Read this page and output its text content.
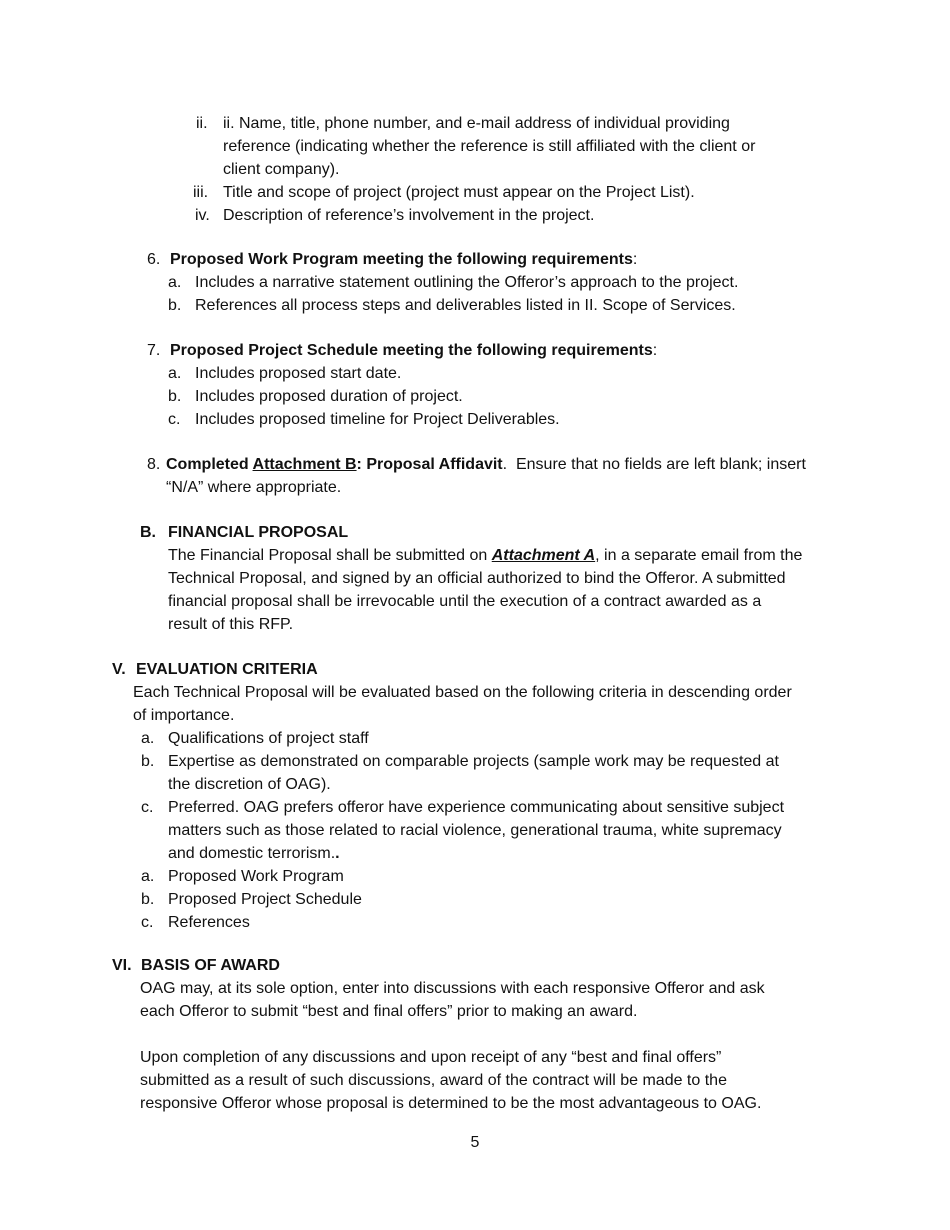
ii. ii. Name, title, phone number, and e-mail address of individual providing
reference (indicating whether the reference is still affiliated with the client or
client company).
iii. Title and scope of project (project must appear on the Project List).
iv. Description of reference’s involvement in the project.
6. Proposed Work Program meeting the following requirements:
a. Includes a narrative statement outlining the Offeror’s approach to the project.
b. References all process steps and deliverables listed in II. Scope of Services.
7. Proposed Project Schedule meeting the following requirements:
a. Includes proposed start date.
b. Includes proposed duration of project.
c. Includes proposed timeline for Project Deliverables.
8. Completed Attachment B: Proposal Affidavit.  Ensure that no fields are left blank; insert
“N/A” where appropriate.
B. FINANCIAL PROPOSAL
The Financial Proposal shall be submitted on Attachment A, in a separate email from the
Technical Proposal, and signed by an official authorized to bind the Offeror. A submitted
financial proposal shall be irrevocable until the execution of a contract awarded as a
result of this RFP.
V. EVALUATION CRITERIA
Each Technical Proposal will be evaluated based on the following criteria in descending order
of importance.
a. Qualifications of project staff
b. Expertise as demonstrated on comparable projects (sample work may be requested at
the discretion of OAG).
c. Preferred. OAG prefers offeror have experience communicating about sensitive subject
matters such as those related to racial violence, generational trauma, white supremacy
and domestic terrorism..
a. Proposed Work Program
b. Proposed Project Schedule
c. References
VI. BASIS OF AWARD
OAG may, at its sole option, enter into discussions with each responsive Offeror and ask
each Offeror to submit “best and final offers” prior to making an award.
Upon completion of any discussions and upon receipt of any “best and final offers”
submitted as a result of such discussions, award of the contract will be made to the
responsive Offeror whose proposal is determined to be the most advantageous to OAG.
5
